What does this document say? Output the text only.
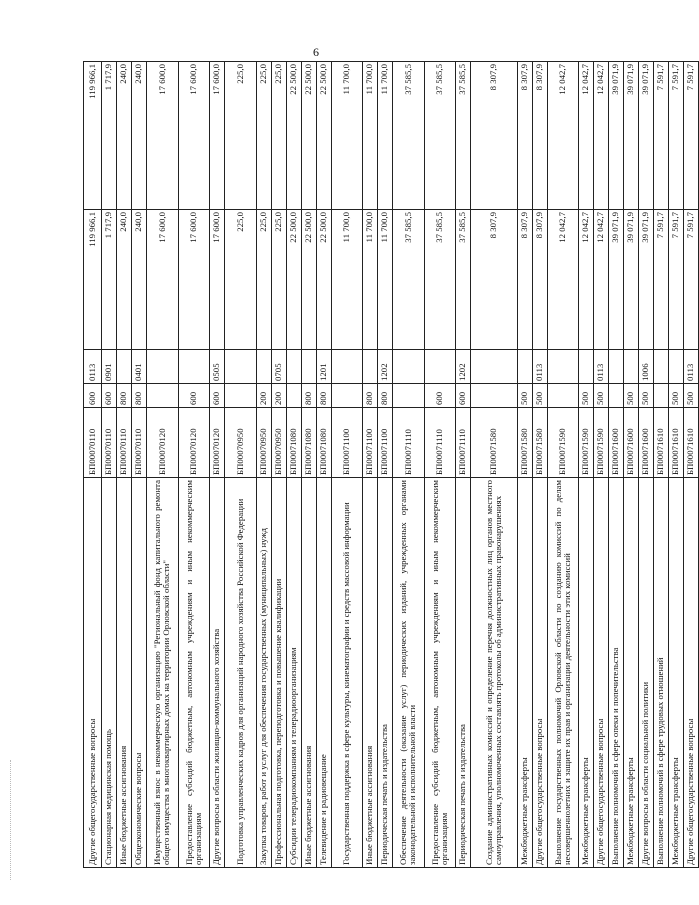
6
Другие общегосударственные вопросы	БП00070110	600	0113	119 966,1	119 966,1
Стационарная медицинская помощь	БП00070110	600	0901	1 717,9	1 717,9
Иные бюджетные ассигнования	БП00070110	800		240,0	240,0
Общеэкономические вопросы	БП00070110	800	0401	240,0	240,0
Имущественный взнос в некоммерческую организацию "Региональный фонд капитального ремонта общего имущества в многоквартирных домах на территории Орловской области"	БП00070120			17 600,0	17 600,0
Предоставление субсидий бюджетным, автономным учреждениям и иным некоммерческим организациям	БП00070120	600		17 600,0	17 600,0
Другие вопросы в области жилищно-коммунального хозяйства	БП00070120	600	0505	17 600,0	17 600,0
Подготовка управленческих кадров для организаций народного хозяйства Российской Федерации	БП00070950			225,0	225,0
Закупка товаров, работ и услуг для обеспечения государственных (муниципальных) нужд	БП00070950	200		225,0	225,0
Профессиональная подготовка, переподготовка и повышение квалификации	БП00070950	200	0705	225,0	225,0
Субсидии телерадиокомпаниям и телерадиоорганизациям	БП00071080			22 500,0	22 500,0
Иные бюджетные ассигнования	БП00071080	800		22 500,0	22 500,0
Телевидение и радиовещание	БП00071080	800	1201	22 500,0	22 500,0
Государственная поддержка в сфере культуры, кинематографии и средств массовой информации	БП00071100			11 700,0	11 700,0
Иные бюджетные ассигнования	БП00071100	800		11 700,0	11 700,0
Периодическая печать и издательства	БП00071100	800	1202	11 700,0	11 700,0
Обеспечение деятельности (оказание услуг) периодических изданий, учрежденных органами законодательной и исполнительной власти	БП00071110			37 585,5	37 585,5
Предоставление субсидий бюджетным, автономным учреждениям и иным некоммерческим организациям	БП00071110	600		37 585,5	37 585,5
Периодическая печать и издательства	БП00071110	600	1202	37 585,5	37 585,5
Создание административных комиссий и определение перечня должностных лиц органов местного самоуправления, уполномоченных составлять протоколы об административных правонарушениях	БП00071580			8 307,9	8 307,9
Межбюджетные трансферты	БП00071580	500		8 307,9	8 307,9
Другие общегосударственные вопросы	БП00071580	500	0113	8 307,9	8 307,9
Выполнение государственных полномочий Орловской области по созданию комиссий по делам несовершеннолетних и защите их прав и организации деятельности этих комиссий	БП00071590			12 042,7	12 042,7
Межбюджетные трансферты	БП00071590	500		12 042,7	12 042,7
Другие общегосударственные вопросы	БП00071590	500	0113	12 042,7	12 042,7
Выполнение полномочий в сфере опеки и попечительства	БП00071600			39 071,9	39 071,9
Межбюджетные трансферты	БП00071600	500		39 071,9	39 071,9
Другие вопросы в области социальной политики	БП00071600	500	1006	39 071,9	39 071,9
Выполнение полномочий в сфере трудовых отношений	БП00071610			7 591,7	7 591,7
Межбюджетные трансферты	БП00071610	500		7 591,7	7 591,7
Другие общегосударственные вопросы	БП00071610	500	0113	7 591,7	7 591,7
